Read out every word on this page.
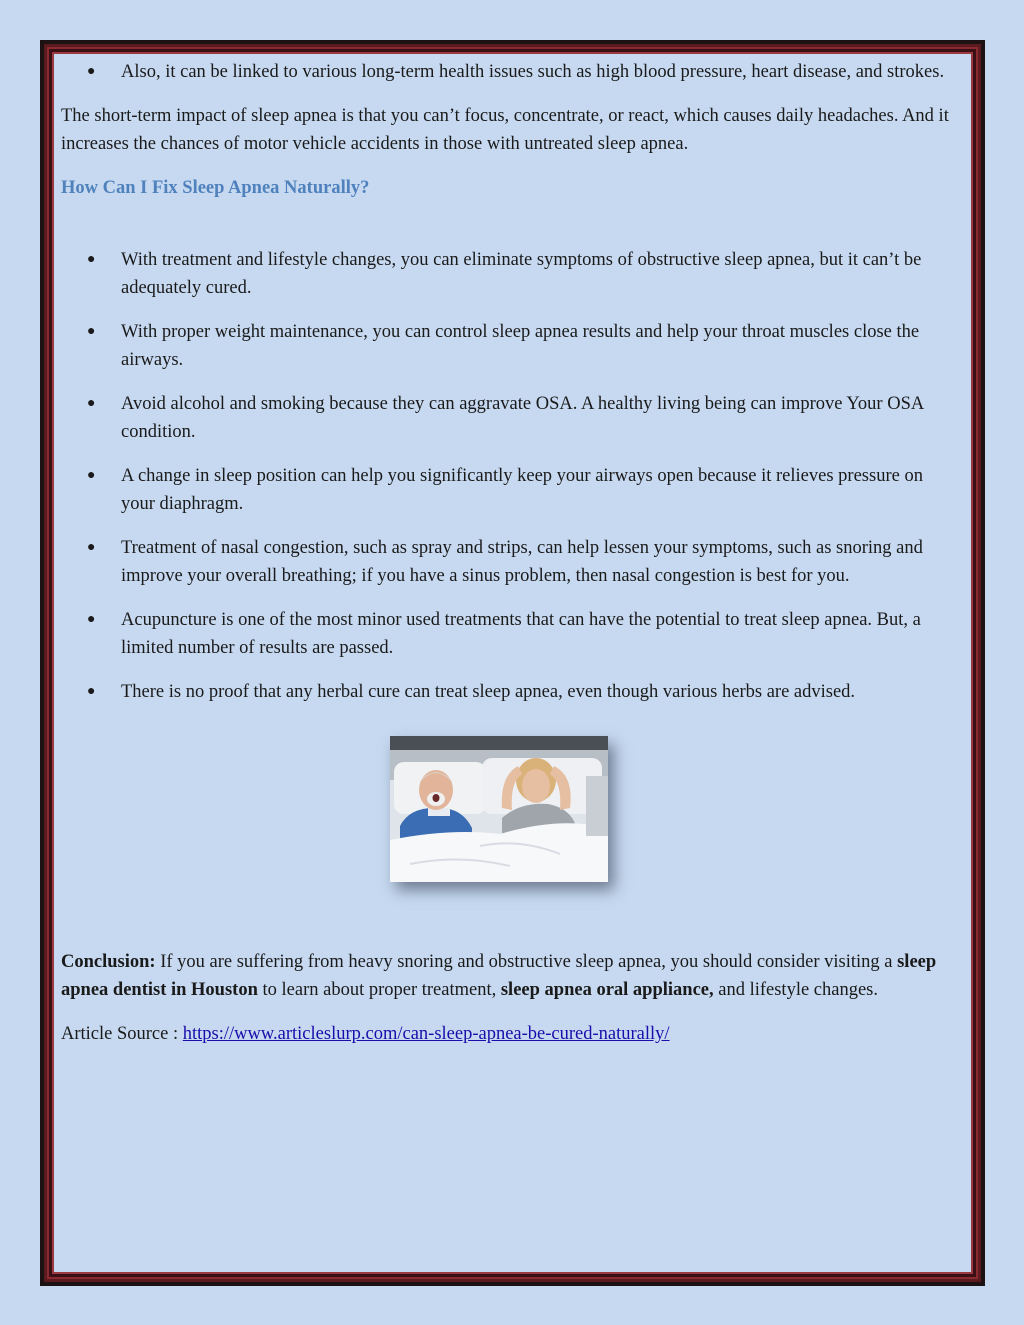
● Also, it can be linked to various long-term health issues such as high blood pressure, heart disease, and strokes.

The short-term impact of sleep apnea is that you can’t focus, concentrate, or react, which causes daily headaches. And it increases the chances of motor vehicle accidents in those with untreated sleep apnea.

How Can I Fix Sleep Apnea Naturally?
● With treatment and lifestyle changes, you can eliminate symptoms of obstructive sleep apnea, but it can’t be adequately cured.
● With proper weight maintenance, you can control sleep apnea results and help your throat muscles close the airways.
● Avoid alcohol and smoking because they can aggravate OSA. A healthy living being can improve Your OSA condition.
● A change in sleep position can help you significantly keep your airways open because it relieves pressure on your diaphragm.
● Treatment of nasal congestion, such as spray and strips, can help lessen your symptoms, such as snoring and improve your overall breathing; if you have a sinus problem, then nasal congestion is best for you.
● Acupuncture is one of the most minor used treatments that can have the potential to treat sleep apnea. But, a limited number of results are passed.
● There is no proof that any herbal cure can treat sleep apnea, even though various herbs are advised.

Conclusion: If you are suffering from heavy snoring and obstructive sleep apnea, you should consider visiting a sleep apnea dentist in Houston to learn about proper treatment, sleep apnea oral appliance, and lifestyle changes.

Article Source : https://www.articleslurp.com/can-sleep-apnea-be-cured-naturally/
